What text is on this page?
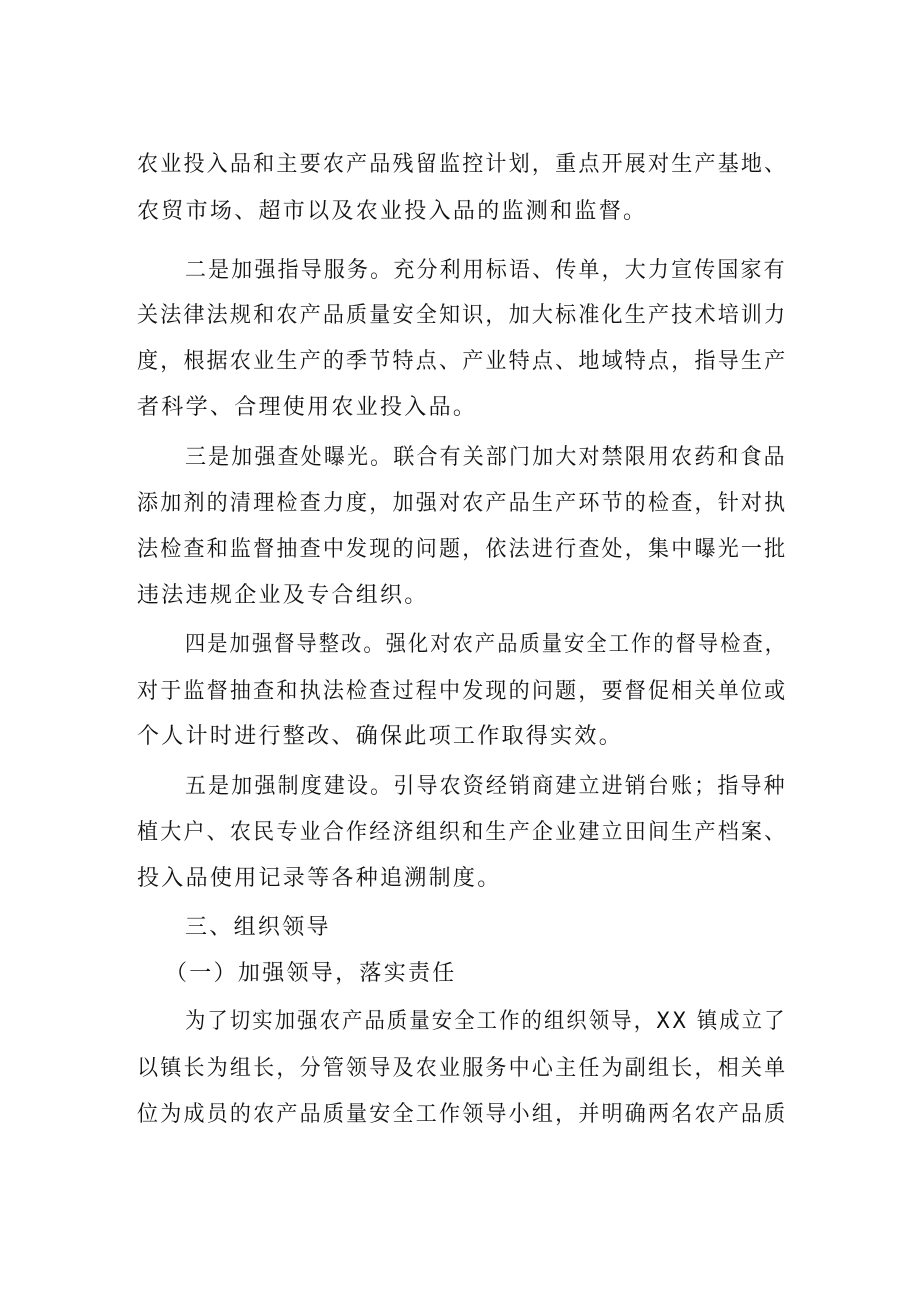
农业投入品和主要农产品残留监控计划，重点开展对生产基地、
农贸市场、超市以及农业投入品的监测和监督。
二是加强指导服务。充分利用标语、传单，大力宣传国家有
关法律法规和农产品质量安全知识，加大标准化生产技术培训力
度，根据农业生产的季节特点、产业特点、地域特点，指导生产
者科学、合理使用农业投入品。
三是加强查处曝光。联合有关部门加大对禁限用农药和食品
添加剂的清理检查力度，加强对农产品生产环节的检查，针对执
法检查和监督抽查中发现的问题，依法进行查处，集中曝光一批
违法违规企业及专合组织。
四是加强督导整改。强化对农产品质量安全工作的督导检查，
对于监督抽查和执法检查过程中发现的问题，要督促相关单位或
个人计时进行整改、确保此项工作取得实效。
五是加强制度建设。引导农资经销商建立进销台账；指导种
植大户、农民专业合作经济组织和生产企业建立田间生产档案、
投入品使用记录等各种追溯制度。
三、组织领导
（一）加强领导，落实责任
为了切实加强农产品质量安全工作的组织领导，XX 镇成立了
以镇长为组长，分管领导及农业服务中心主任为副组长，相关单
位为成员的农产品质量安全工作领导小组，并明确两名农产品质
